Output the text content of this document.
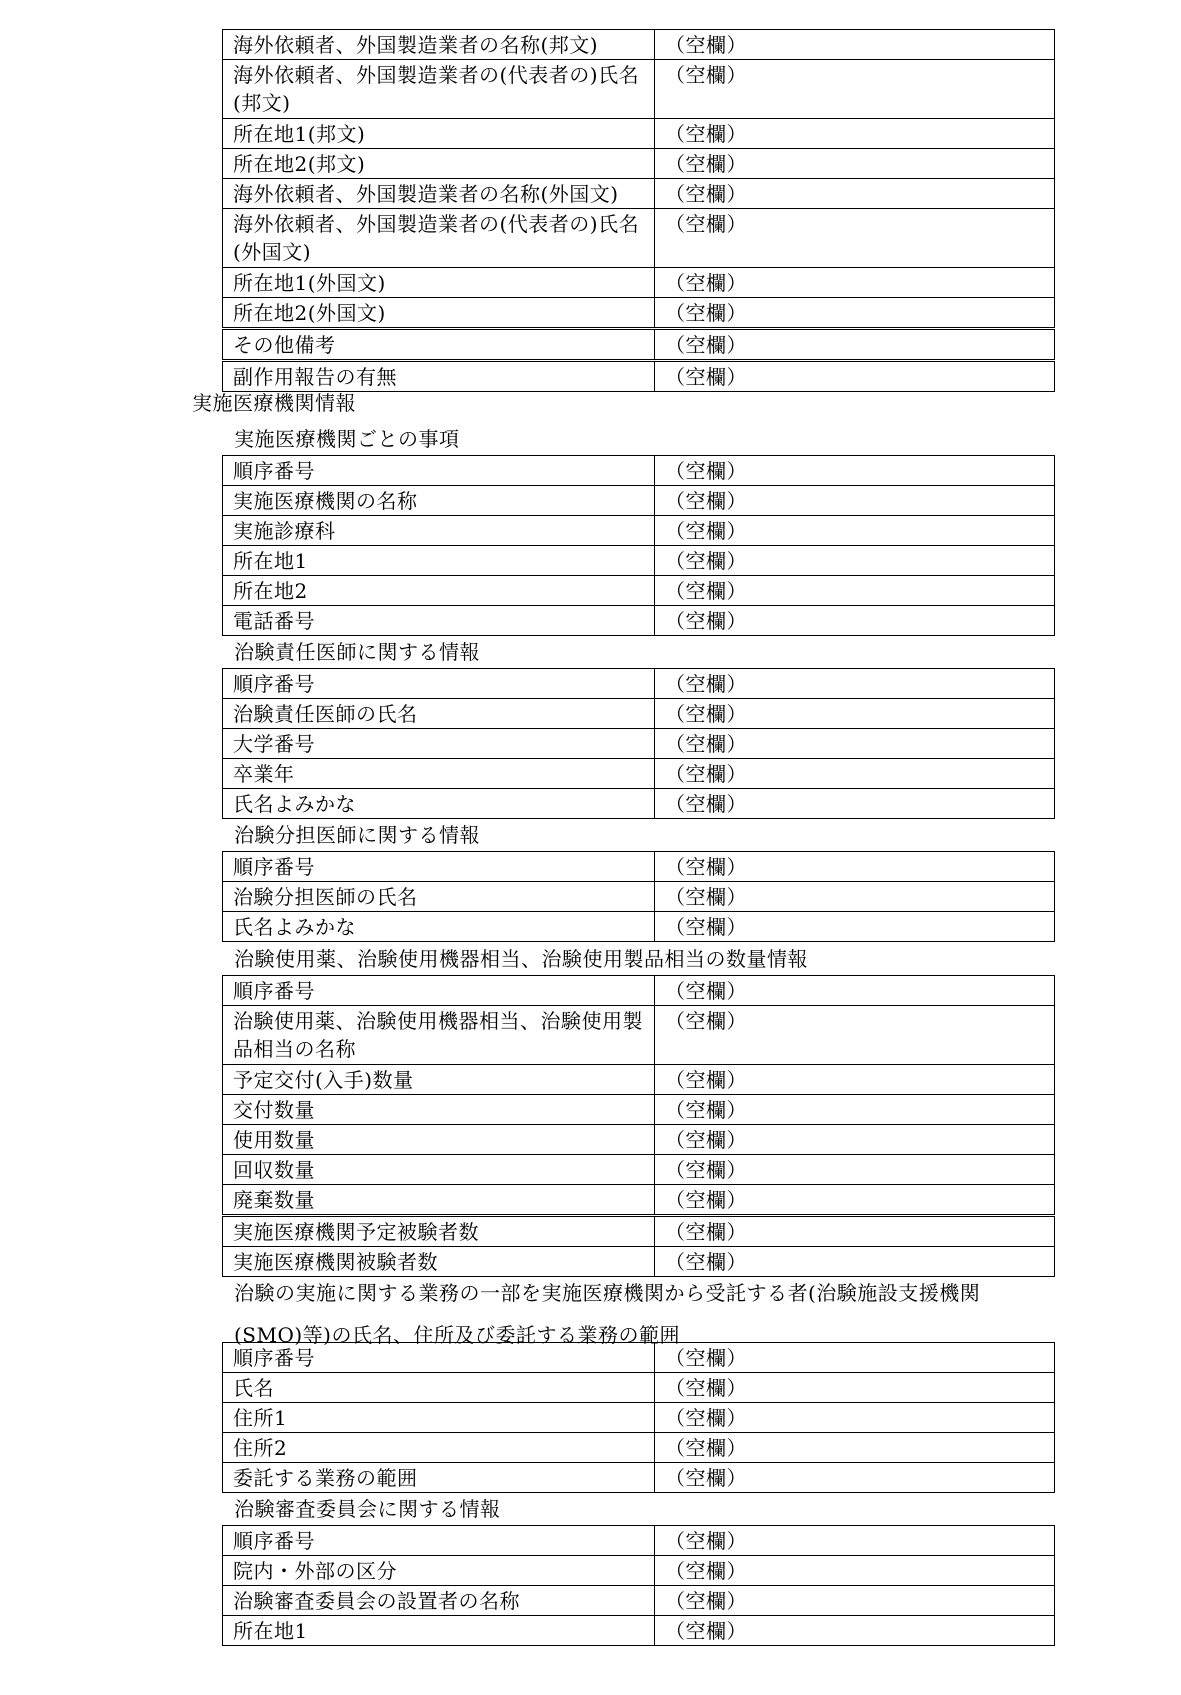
海外依頼者、外国製造業者の名称(邦文)	（空欄）
海外依頼者、外国製造業者の(代表者の)氏名(邦文)	（空欄）
所在地1(邦文)	（空欄）
所在地2(邦文)	（空欄）
海外依頼者、外国製造業者の名称(外国文)	（空欄）
海外依頼者、外国製造業者の(代表者の)氏名(外国文)	（空欄）
所在地1(外国文)	（空欄）
所在地2(外国文)	（空欄）
その他備考	（空欄）
副作用報告の有無	（空欄）
実施医療機関情報
実施医療機関ごとの事項
順序番号	（空欄）
実施医療機関の名称	（空欄）
実施診療科	（空欄）
所在地1	（空欄）
所在地2	（空欄）
電話番号	（空欄）
治験責任医師に関する情報
順序番号	（空欄）
治験責任医師の氏名	（空欄）
大学番号	（空欄）
卒業年	（空欄）
氏名よみかな	（空欄）
治験分担医師に関する情報
順序番号	（空欄）
治験分担医師の氏名	（空欄）
氏名よみかな	（空欄）
治験使用薬、治験使用機器相当、治験使用製品相当の数量情報
順序番号	（空欄）
治験使用薬、治験使用機器相当、治験使用製品相当の名称	（空欄）
予定交付(入手)数量	（空欄）
交付数量	（空欄）
使用数量	（空欄）
回収数量	（空欄）
廃棄数量	（空欄）
実施医療機関予定被験者数	（空欄）
実施医療機関被験者数	（空欄）
治験の実施に関する業務の一部を実施医療機関から受託する者(治験施設支援機関(SMO)等)の氏名、住所及び委託する業務の範囲
順序番号	（空欄）
氏名	（空欄）
住所1	（空欄）
住所2	（空欄）
委託する業務の範囲	（空欄）
治験審査委員会に関する情報
順序番号	（空欄）
院内・外部の区分	（空欄）
治験審査委員会の設置者の名称	（空欄）
所在地1	（空欄）
